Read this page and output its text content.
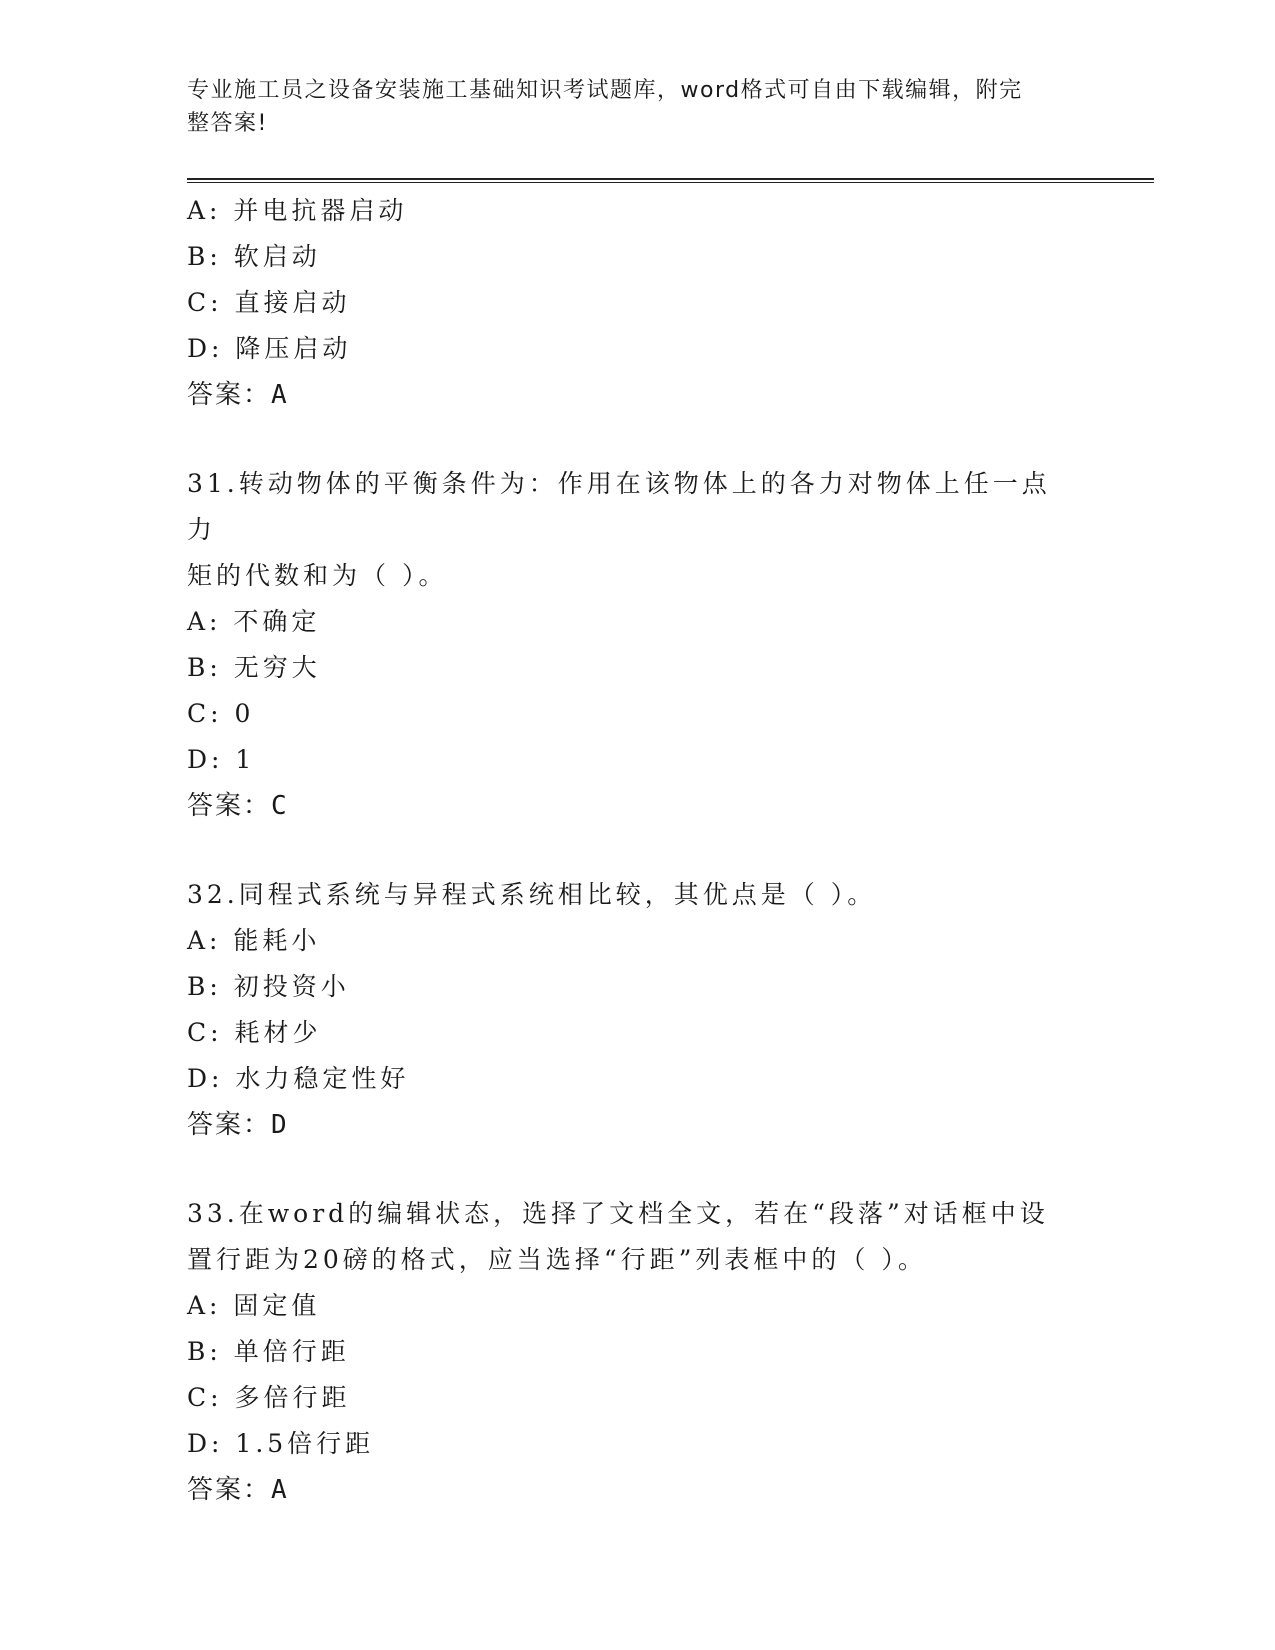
专业施工员之设备安装施工基础知识考试题库，word格式可自由下载编辑，附完
整答案!
A: 并电抗器启动
B: 软启动
C: 直接启动
D: 降压启动
答案：A
31.转动物体的平衡条件为：作用在该物体上的各力对物体上任一点力
矩的代数和为（ ）。
A: 不确定
B: 无穷大
C: 0
D: 1
答案：C
32.同程式系统与异程式系统相比较，其优点是（ ）。
A: 能耗小
B: 初投资小
C: 耗材少
D: 水力稳定性好
答案：D
33.在word的编辑状态，选择了文档全文，若在“段落”对话框中设
置行距为20磅的格式，应当选择“行距”列表框中的（ ）。
A: 固定值
B: 单倍行距
C: 多倍行距
D: 1.5倍行距
答案：A
